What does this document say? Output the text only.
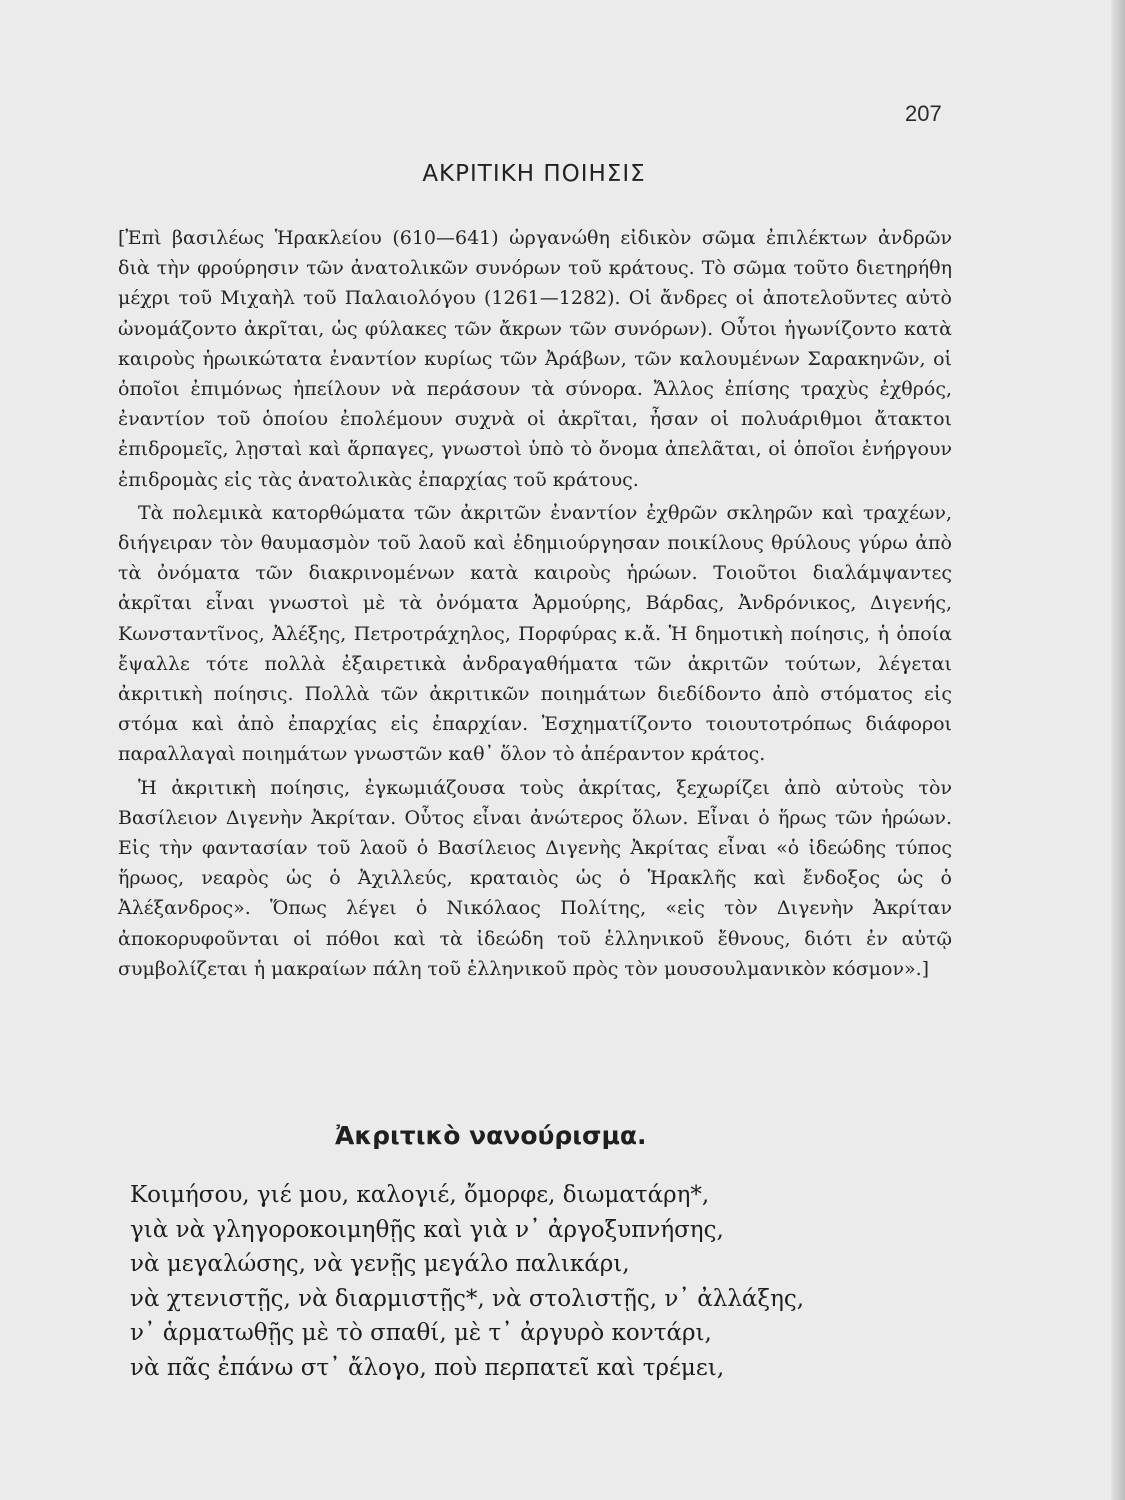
207
ΑΚΡΙΤΙΚΗ ΠΟΙΗΣΙΣ

[Ἐπὶ βασιλέως Ἡρακλείου (610—641) ὠργανώθη εἰδικὸν σῶμα ἐπιλέκτων ἀνδρῶν διὰ τὴν φρούρησιν τῶν ἀνατολικῶν συνόρων τοῦ κράτους. Τὸ σῶμα τοῦτο διετηρήθη μέχρι τοῦ Μιχαὴλ τοῦ Παλαιολόγου (1261—1282). Οἱ ἄνδρες οἱ ἀποτελοῦντες αὐτὸ ὠνομάζοντο ἀκρῖται, ὡς φύλακες τῶν ἄκρων τῶν συνόρων). Οὗτοι ἠγωνίζοντο κατὰ καιροὺς ἡρωικώτατα ἐναντίον κυρίως τῶν Ἀράβων, τῶν καλουμένων Σαρακηνῶν, οἱ ὁποῖοι ἐπιμόνως ἠπείλουν νὰ περάσουν τὰ σύνορα. Ἄλλος ἐπίσης τραχὺς ἐχθρός, ἐναντίον τοῦ ὁποίου ἐπολέμουν συχνὰ οἱ ἀκρῖται, ἦσαν οἱ πολυάριθμοι ἄτακτοι ἐπιδρομεῖς, λῃσταὶ καὶ ἅρπαγες, γνωστοὶ ὑπὸ τὸ ὄνομα ἀπελᾶται, οἱ ὁποῖοι ἐνήργουν ἐπιδρομὰς εἰς τὰς ἀνατολικὰς ἐπαρχίας τοῦ κράτους.

Τὰ πολεμικὰ κατορθώματα τῶν ἀκριτῶν ἐναντίον ἐχθρῶν σκληρῶν καὶ τραχέων, διήγειραν τὸν θαυμασμὸν τοῦ λαοῦ καὶ ἐδημιούργησαν ποικίλους θρύλους γύρω ἀπὸ τὰ ὀνόματα τῶν διακρινομένων κατὰ καιροὺς ἡρώων. Τοιοῦτοι διαλάμψαντες ἀκρῖται εἶναι γνωστοὶ μὲ τὰ ὀνόματα Ἀρμούρης, Βάρδας, Ἀνδρόνικος, Διγενής, Κωνσταντῖνος, Ἀλέξης, Πετροτράχηλος, Πορφύρας κ.ἄ. Ἡ δημοτικὴ ποίησις, ἡ ὁποία ἔψαλλε τότε πολλὰ ἐξαιρετικὰ ἀνδραγαθήματα τῶν ἀκριτῶν τούτων, λέγεται ἀκριτικὴ ποίησις. Πολλὰ τῶν ἀκριτικῶν ποιημάτων διεδίδοντο ἀπὸ στόματος εἰς στόμα καὶ ἀπὸ ἐπαρχίας εἰς ἐπαρχίαν. Ἐσχηματίζοντο τοιουτοτρόπως διάφοροι παραλλαγαὶ ποιημάτων γνωστῶν καθ᾿ ὅλον τὸ ἀπέραντον κράτος.

Ἡ ἀκριτικὴ ποίησις, ἐγκωμιάζουσα τοὺς ἀκρίτας, ξεχωρίζει ἀπὸ αὐτοὺς τὸν Βασίλειον Διγενὴν Ἀκρίταν. Οὗτος εἶναι ἀνώτερος ὅλων. Εἶναι ὁ ἥρως τῶν ἡρώων. Εἰς τὴν φαντασίαν τοῦ λαοῦ ὁ Βασίλειος Διγενὴς Ἀκρίτας εἶναι «ὁ ἰδεώδης τύπος ἥρωος, νεαρὸς ὡς ὁ Ἀχιλλεύς, κραταιὸς ὡς ὁ Ἡρακλῆς καὶ ἔνδοξος ὡς ὁ Ἀλέξανδρος». Ὅπως λέγει ὁ Νικόλαος Πολίτης, «εἰς τὸν Διγενὴν Ἀκρίταν ἀποκορυφοῦνται οἱ πόθοι καὶ τὰ ἰδεώδη τοῦ ἑλληνικοῦ ἔθνους, διότι ἐν αὐτῷ συμβολίζεται ἡ μακραίων πάλη τοῦ ἑλληνικοῦ πρὸς τὸν μουσουλμανικὸν κόσμον».]

Ἀκριτικὸ νανούρισμα.
Κοιμήσου, γιέ μου, καλογιέ, ὄμορφε, διωματάρη*,
γιὰ νὰ γληγοροκοιμηθῇς καὶ γιὰ ν᾿ ἀργοξυπνήσης,
νὰ μεγαλώσης, νὰ γενῇς μεγάλο παλικάρι,
νὰ χτενιστῇς, νὰ διαρμιστῇς*, νὰ στολιστῇς, ν᾿ ἀλλάξης,
ν᾿ ἁρματωθῇς μὲ τὸ σπαθί, μὲ τ᾿ ἀργυρὸ κοντάρι,
νὰ πᾶς ἐπάνω στ᾿ ἄλογο, ποὺ περπατεῖ καὶ τρέμει,
